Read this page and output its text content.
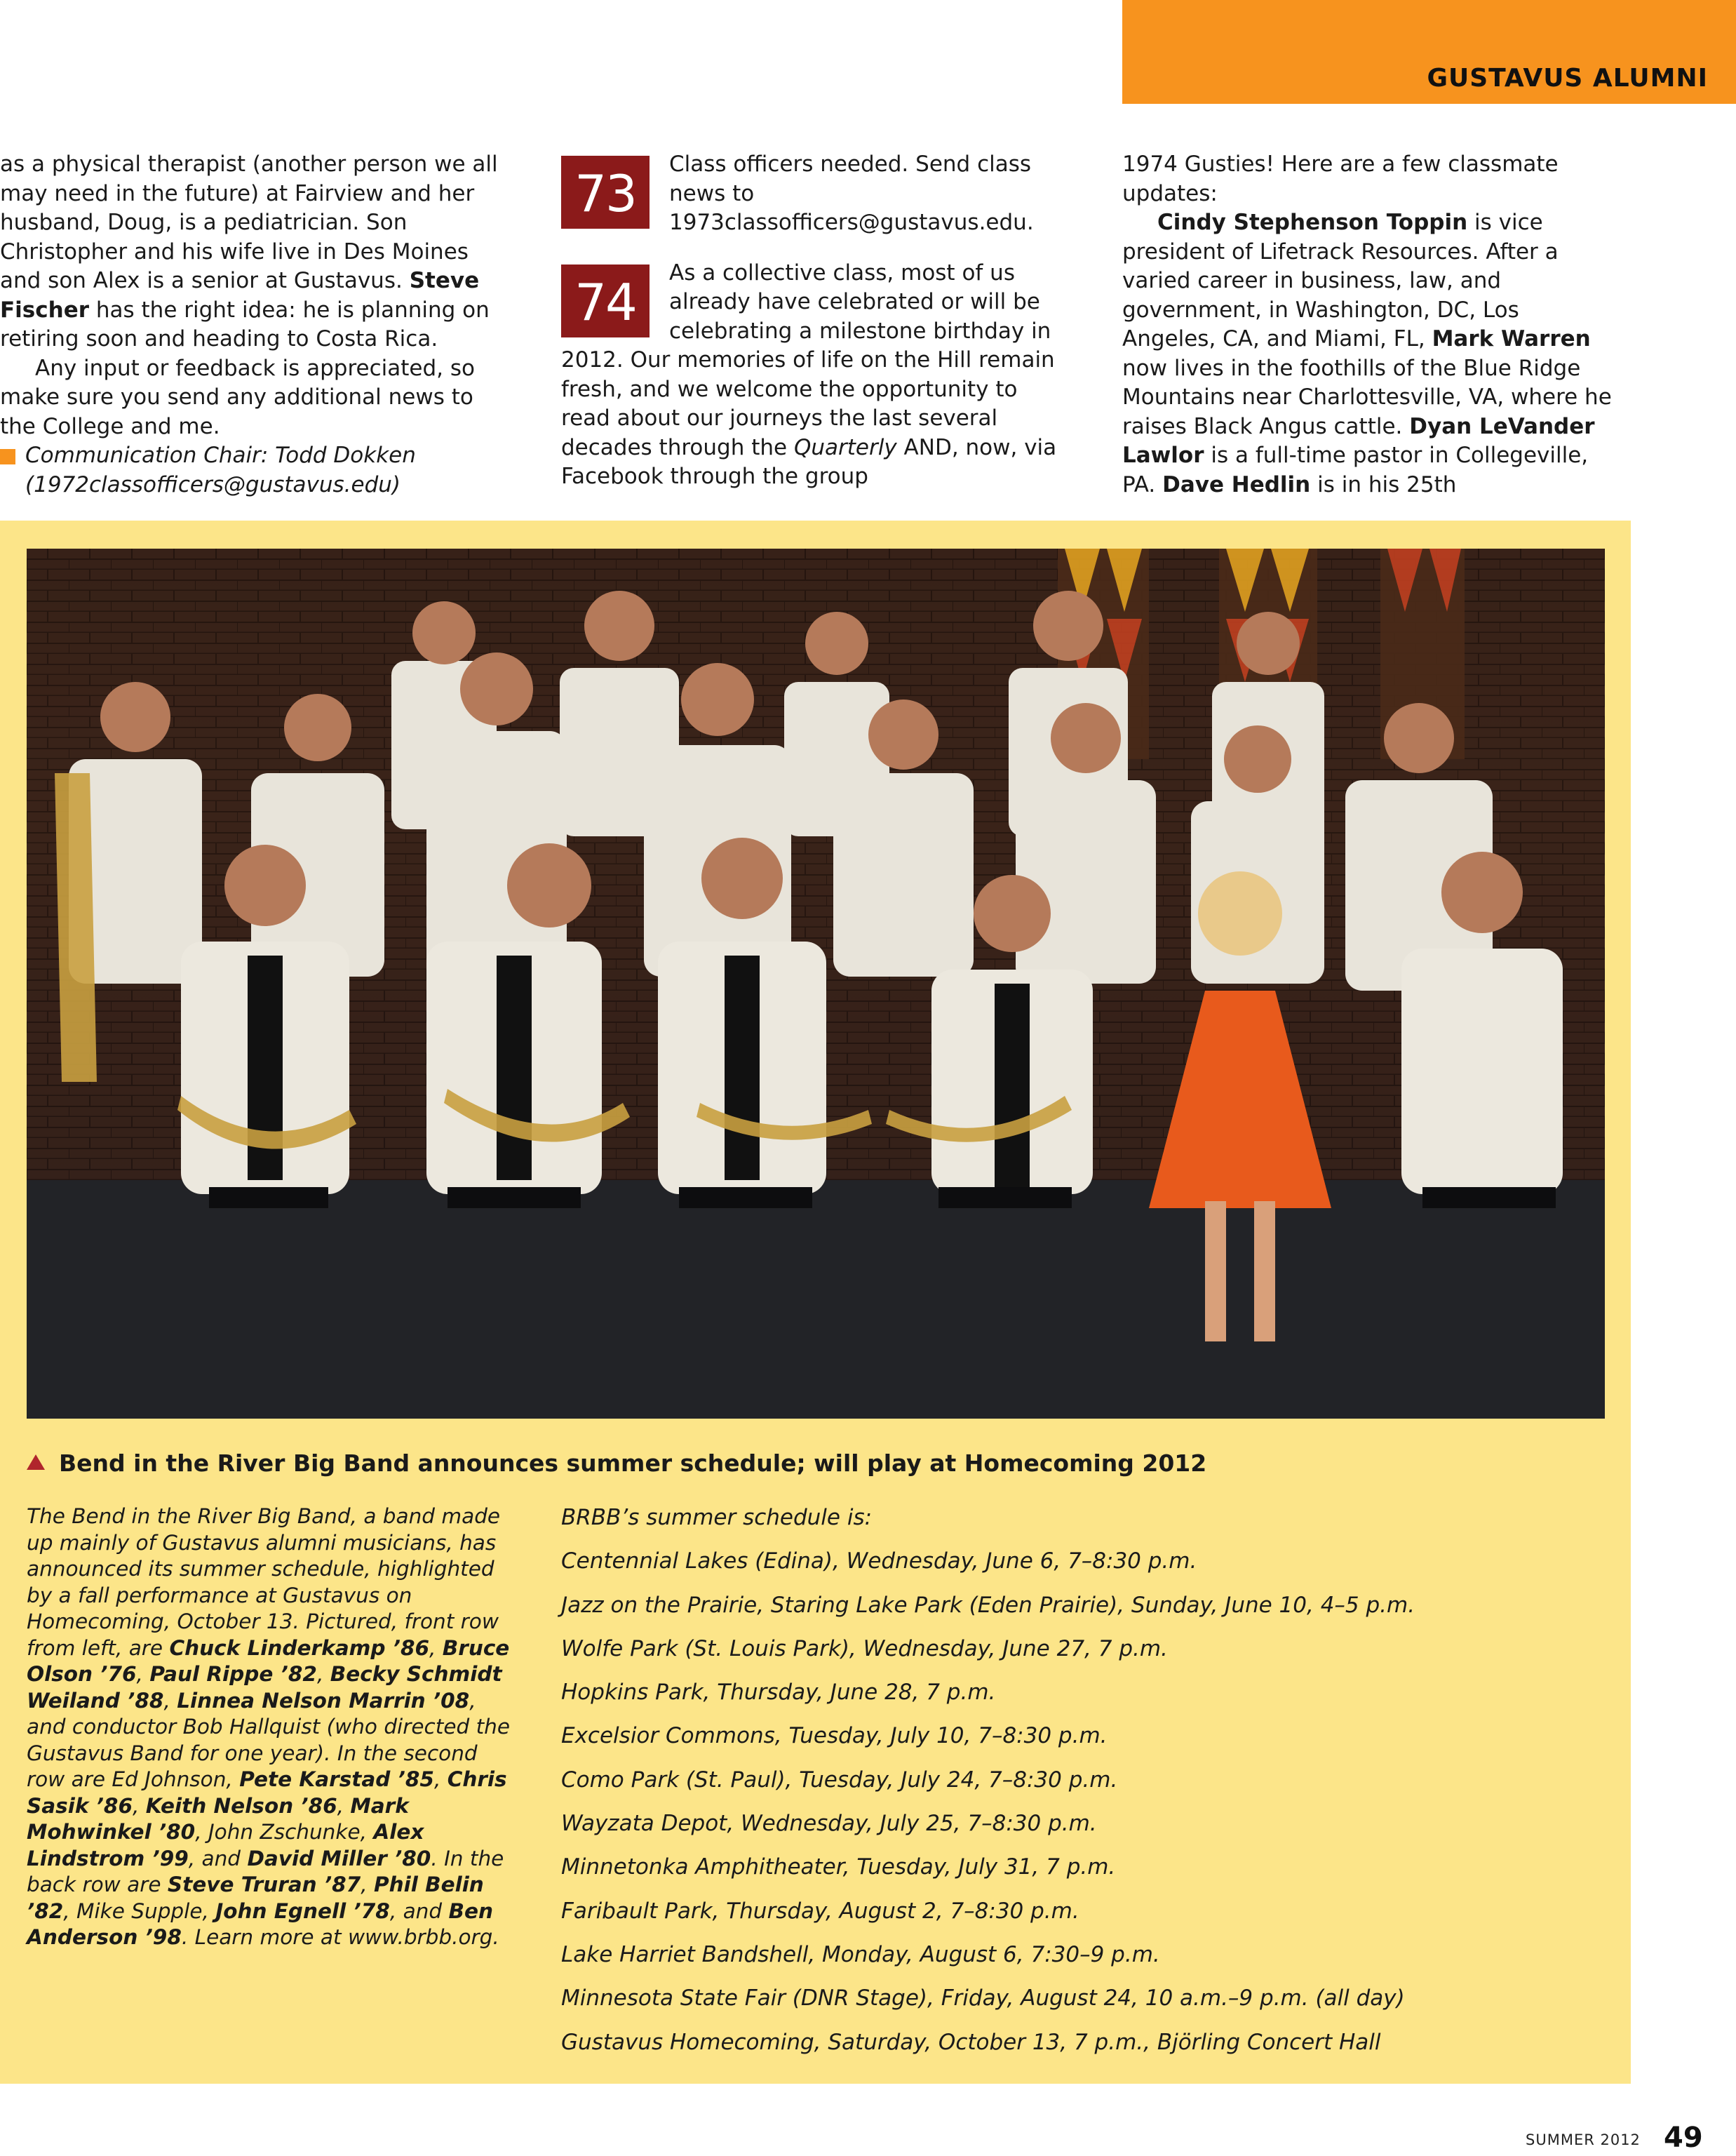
GUSTAVUS ALUMNI

as a physical therapist (another person we all may need in the future) at Fairview and her husband, Doug, is a pediatrician. Son Christopher and his wife live in Des Moines and son Alex is a senior at Gustavus. Steve Fischer has the right idea: he is planning on retiring soon and heading to Costa Rica.

Any input or feedback is appreciated, so make sure you send any additional news to the College and me.

Communication Chair: Todd Dokken

(1972classofficers@gustavus.edu)

73	Class officers needed. Send class news to 1973classofficers@gustavus.edu.

74	As a collective class, most of us already have celebrated or will be celebrating a milestone birthday in 2012. Our memories of life on the Hill remain fresh, and we welcome the opportunity to read about our journeys the last several decades through the Quarterly AND, now, via Facebook through the group

1974 Gusties! Here are a few classmate updates:

Cindy Stephenson Toppin is vice president of Lifetrack Resources. After a varied career in business, law, and government, in Washington, DC, Los Angeles, CA, and Miami, FL, Mark Warren now lives in the foothills of the Blue Ridge Mountains near Charlottesville, VA, where he raises Black Angus cattle. Dyan LeVander Lawlor is a full-time pastor in Collegeville, PA. Dave Hedlin is in his 25th

Bend in the River Big Band announces summer schedule; will play at Homecoming 2012
The Bend in the River Big Band, a band made up mainly of Gustavus alumni musicians, has announced its summer schedule, highlighted by a fall performance at Gustavus on Homecoming, October 13. Pictured, front row from left, are Chuck Linderkamp ’86, Bruce Olson ’76, Paul Rippe ’82, Becky Schmidt Weiland ’88, Linnea Nelson Marrin ’08, and conductor Bob Hallquist (who directed the Gustavus Band for one year). In the second row are Ed Johnson, Pete Karstad ’85, Chris Sasik ’86, Keith Nelson ’86, Mark Mohwinkel ’80, John Zschunke, Alex Lindstrom ’99, and David Miller ’80. In the back row are Steve Truran ’87, Phil Belin ’82, Mike Supple, John Egnell ’78, and Ben Anderson ’98. Learn more at www.brbb.org.
BRBB’s summer schedule is:
Centennial Lakes (Edina), Wednesday, June 6, 7–8:30 p.m.
Jazz on the Prairie, Staring Lake Park (Eden Prairie), Sunday, June 10, 4–5 p.m.
Wolfe Park (St. Louis Park), Wednesday, June 27, 7 p.m.
Hopkins Park, Thursday, June 28, 7 p.m.
Excelsior Commons, Tuesday, July 10, 7–8:30 p.m.
Como Park (St. Paul), Tuesday, July 24, 7–8:30 p.m.
Wayzata Depot, Wednesday, July 25, 7–8:30 p.m.
Minnetonka Amphitheater, Tuesday, July 31, 7 p.m.
Faribault Park, Thursday, August 2, 7–8:30 p.m.
Lake Harriet Bandshell, Monday, August 6, 7:30–9 p.m.
Minnesota State Fair (DNR Stage), Friday, August 24, 10 a.m.–9 p.m. (all day)
Gustavus Homecoming, Saturday, October 13, 7 p.m., Björling Concert Hall
SUMMER 2012 49
